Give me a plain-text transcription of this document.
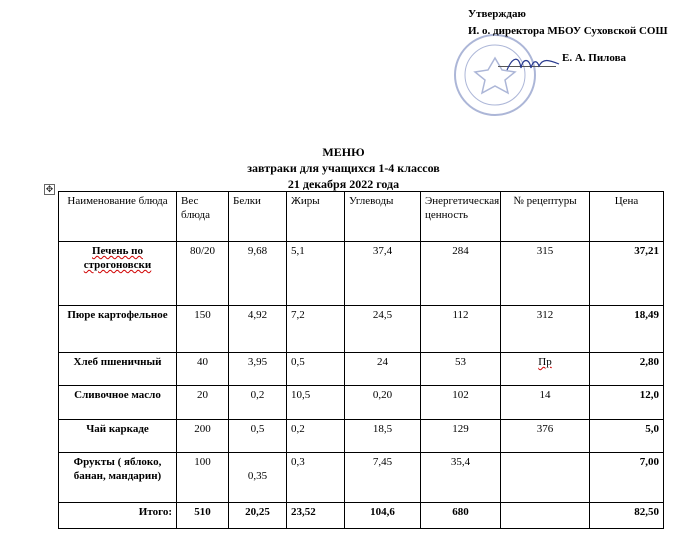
Утверждаю
И. о. директора МБОУ Суховской СОШ
Е. А. Пилова
МЕНЮ
завтраки для учащихся 1-4 классов
21 декабря 2022 года
✥
Наименование блюда	Вес блюда	Белки	Жиры	Углеводы	Энергетическая ценность	№ рецептуры	Цена
Печень по строгоновски	80/20	9,68	5,1	37,4	284	315	37,21
Пюре картофельное	150	4,92	7,2	24,5	112	312	18,49
Хлеб пшеничный	40	3,95	0,5	24	53	Пр	2,80
Сливочное масло	20	0,2	10,5	0,20	102	14	12,0
Чай каркаде	200	0,5	0,2	18,5	129	376	5,0
Фрукты ( яблоко, банан, мандарин)	100	0,35	0,3	7,45	35,4		7,00
Итого:	510	20,25	23,52	104,6	680		82,50
